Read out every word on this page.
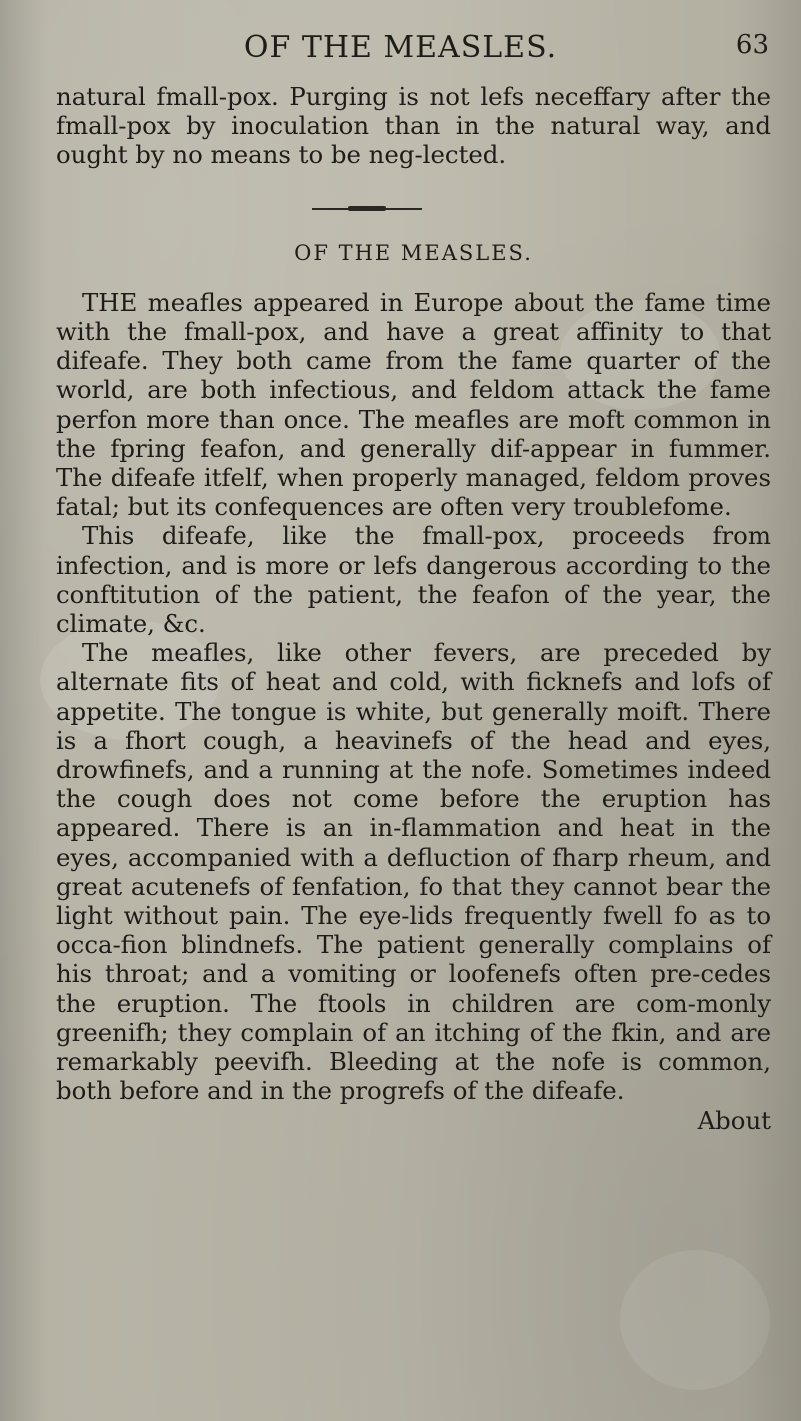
OF THE MEASLES.	63

natural fmall-pox. Purging is not lefs neceffary after the fmall-pox by inoculation than in the natural way, and ought by no means to be neg-lected.

OF THE MEASLES.

THE meafles appeared in Europe about the fame time with the fmall-pox, and have a great affinity to that difeafe. They both came from the fame quarter of the world, are both infectious, and feldom attack the fame perfon more than once. The meafles are moft common in the fpring feafon, and generally dif-appear in fummer. The difeafe itfelf, when properly managed, feldom proves fatal; but its confequences are often very troublefome.

This difeafe, like the fmall-pox, proceeds from infection, and is more or lefs dangerous according to the conftitution of the patient, the feafon of the year, the climate, &c.

The meafles, like other fevers, are preceded by alternate fits of heat and cold, with ficknefs and lofs of appetite. The tongue is white, but generally moift. There is a fhort cough, a heavinefs of the head and eyes, drowfinefs, and a running at the nofe. Sometimes indeed the cough does not come before the eruption has appeared. There is an in-flammation and heat in the eyes, accompanied with a defluction of fharp rheum, and great acutenefs of fenfation, fo that they cannot bear the light without pain. The eye-lids frequently fwell fo as to occa-fion blindnefs. The patient generally complains of his throat; and a vomiting or loofenefs often pre-cedes the eruption. The ftools in children are com-monly greenifh; they complain of an itching of the fkin, and are remarkably peevifh. Bleeding at the nofe is common, both before and in the progrefs of the difeafe.

About
